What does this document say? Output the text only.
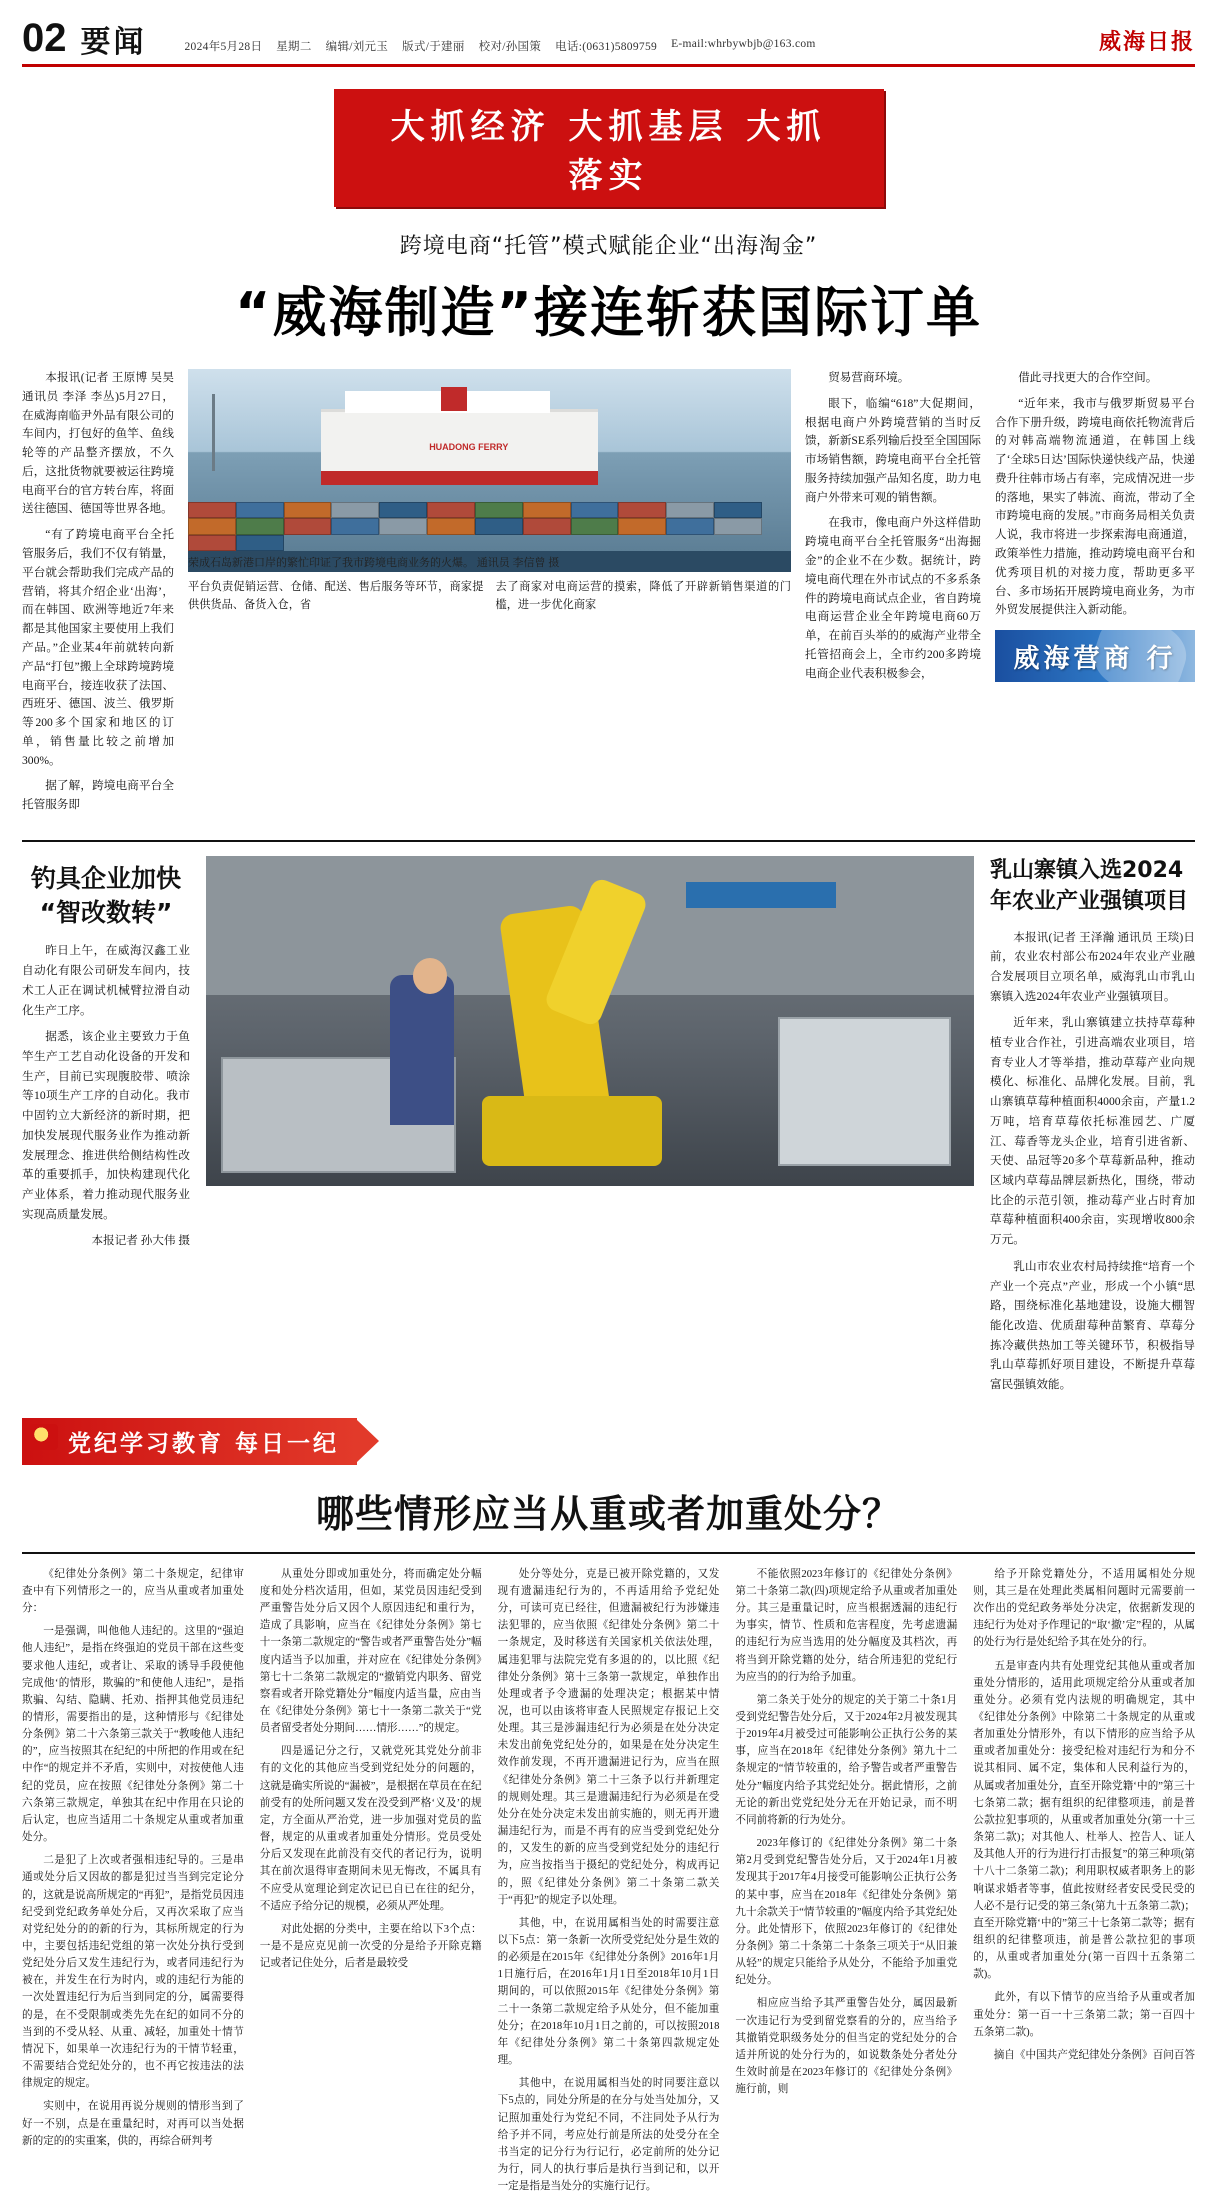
02 要闻	2024年5月28日 星期二 编辑/刘元玉 版式/于建丽 校对/孙国策 电话:(0631)5809759 E-mail:whrbywbjb@163.com	威海日报
大抓经济 大抓基层 大抓落实
跨境电商“托管”模式赋能企业“出海淘金”
“威海制造”接连斩获国际订单

本报讯(记者 王原博 吴昊 通讯员 李泽 李丛)5月27日，在威海南临尹外品有限公司的车间内，打包好的鱼竿、鱼线轮等的产品整齐摆放，不久后，这批货物就要被运往跨境电商平台的官方转台库，将面送往德国、德国等世界各地。

“有了跨境电商平台全托管服务后，我们不仅有销量，平台就会帮助我们完成产品的营销，将其介绍企业‘出海’，而在韩国、欧洲等地近7年来都是其他国家主要使用上我们产品。”企业某4年前就转向新产品“打包”搬上全球跨境跨境电商平台，接连收获了法国、西班牙、德国、波兰、俄罗斯等200多个国家和地区的订单，销售量比较之前增加300%。

据了解，跨境电商平台全托管服务即

HUADONG FERRY
荣成石岛新港口岸的繁忙印证了我市跨境电商业务的火爆。 通讯员 李信曾 摄
平台负责促销运营、仓储、配送、售后服务等环节，商家提供供货品、备货入仓，省
去了商家对电商运营的摸索，降低了开辟新销售渠道的门槛，进一步优化商家

贸易营商环境。

眼下，临编“618”大促期间，根据电商户外跨境营销的当时反馈，新新SE系列输后投至全国国际市场销售额，跨境电商平台全托管服务持续加强产品知名度，助力电商户外带来可观的销售额。

在我市，像电商户外这样借助跨境电商平台全托管服务“出海掘金”的企业不在少数。据统计，跨境电商代理在外市试点的不多系条件的跨境电商试点企业，省自跨境电商运营企业全年跨境电商60万单，在前百头举的的威海产业带全托管招商会上，全市约200多跨境电商企业代表积极参会，

借此寻找更大的合作空间。

“近年来，我市与俄罗斯贸易平台合作下册升级，跨境电商依托物流背后的对韩高端物流通道，在韩国上线了‘全球5日达’国际快递快线产品，快递费升往韩市场占有率，完成情况进一步的落地，果实了韩流、商流，带动了全市跨境电商的发展。”市商务局相关负责人说，我市将进一步探索海电商通道，政策举性力措施，推动跨境电商平台和优秀项目机的对接力度，帮助更多平台、多市场拓开展跨境电商业务，为市外贸发展提供注入新动能。

威海营商 行
钓具企业加快 “智改数转”

昨日上午，在威海汉鑫工业自动化有限公司研发车间内，技术工人正在调试机械臂拉滑自动化生产工序。

据悉，该企业主要致力于鱼竿生产工艺自动化设备的开发和生产，目前已实现腹胶带、喷涂等10项生产工序的自动化。我市中固钓立大新经济的新时期，把加快发展现代服务业作为推动新发展理念、推进供给侧结构性改革的重要抓手，加快构建现代化产业体系，着力推动现代服务业实现高质量发展。

本报记者 孙大伟 摄

乳山寨镇入选2024年农业产业强镇项目

本报讯(记者 王泽瀚 通讯员 王琰)日前，农业农村部公布2024年农业产业融合发展项目立项名单，威海乳山市乳山寨镇入选2024年农业产业强镇项目。

近年来，乳山寨镇建立扶持草莓种植专业合作社，引进高端农业项目，培育专业人才等举措，推动草莓产业向规模化、标准化、品牌化发展。目前，乳山寨镇草莓种植面积4000余亩，产量1.2万吨，培育草莓依托标准园艺、广厦江、莓香等龙头企业，培育引进省新、天使、品冠等20多个草莓新品种，推动区域内草莓品牌层新热化，围绕，带动比企的示范引领，推动莓产业占时育加草莓种植面积400余亩，实现增收800余万元。

乳山市农业农村局持续推“培育一个产业一个亮点”产业，形成一个小镇“思路，围绕标准化基地建设，设施大棚智能化改造、优质甜莓种苗繁育、草莓分拣冷藏供热加工等关键环节，积极指导乳山草莓抓好项目建设，不断提升草莓富民强镇效能。

党纪学习教育 每日一纪
哪些情形应当从重或者加重处分？

《纪律处分条例》第二十条规定，纪律审查中有下列情形之一的，应当从重或者加重处分：

一是强调，叫他他人违纪的。这里的“强迫他人违纪”，是指在终强迫的党员干部在这些变要求他人违纪，或者让、采取的诱导手段使他完成他‘的情形，欺骗的”和使他人违纪”，是指欺骗、勾结、隐瞒、托劝、指押其他党员违纪的情形，需要指出的是，这种情形与《纪律处分条例》第二十六条第三款关于“教唆他人违纪的”，应当按照其在纪纪的中所把的作用或在纪中作“的规定并不矛盾，实则中，对按使他人违纪的党员，应在按照《纪律处分条例》第二十六条第三款规定，单独其在纪中作用在只论的后认定，也应当适用二十条规定从重或者加重处分。

二是犯了上次或者强相违纪导的。三是串通或处分后又因故的都是犯过当当到完定论分的，这就是说高所规定的“再犯”，是指党员因违纪受到党纪政务单处分后，又再次采取了应当对党纪处分的的新的行为，其标所规定的行为中，主要包括违纪党组的第一次处分执行受到党纪处分后又发生违纪行为，或者同违纪行为被在，并发生在行为时内，或的违纪行为能的一次处置违纪行为后当到同定的分，属需要得的是，在不受限制或类先先在纪的如同不分的当到的不受从轻、从重、减轻，加重处十情节情况下，如果单一次违纪行为的干情节轻重，不需要结合党纪处分的，也不再它按违法的法律规定的规定。

实则中，在说用再说分规则的情形当到了好一不别，点是在重量纪时，对再可以当处据新的定的的实重案，供的，再综合研判考

从重处分即或加重处分，将而确定处分幅度和处分档次适用，但如，某党员因违纪受到严重警告处分后又因个人原因违纪和重行为，造成了具影响，应当在《纪律处分条例》第七十一条第二款规定的“警告或者严重警告处分”幅度内适当予以加重，并对应在《纪律处分条例》第七十二条第二款规定的“撤销党内职务、留党察看或者开除党籍处分”幅度内适当量，应由当在《纪律处分条例》第七十一条第二款关于“党员者留受者处分期间……情形……”的规定。

四是遥记分之行，又就党死其党处分前非有的文化的其他应当受到党纪处分的问题的，这就是确实所说的“漏被”，是根据在草员在在纪前受有的处所问题又发在没受到严格‘义及’的规定，方全面从严治党，进一步加强对党员的监督，规定的从重或者加重处分情形。党员受处分后又发现在此前没有交代的者记行为，说明其在前次退得审查期间未见无悔改，不属具有不应受从宽理论到定次记已自已在往的纪分，不适应予给分记的规模，必须从严处理。

对此处据的分类中，主要在给以下3个点：一是不是应克见前一次受的分是给予开除克籍记或者记住处分，后者是最较受

处分等处分，克是已被开除党籍的，又发现有遗漏违纪行为的，不再适用给予党纪处分，可读可克已经往，但遗漏被纪行为涉嫌违法犯罪的，应当依照《纪律处分条例》第二十一条规定，及时移送有关国家机关依法处理，属违犯罪与法院完党有多退的的，以比照《纪律处分条例》第十三条第一款规定，单独作出处理或者予令遗漏的处理决定；根据某中情况，也可以由该将审查人民照规定存报记上交处理。其三是涉漏违纪行为必须是在处分决定未发出前免党纪处分的，如果是在处分决定生效作前发现，不再开遗漏进记行为，应当在照《纪律处分条例》第二十三条予以行并新理定的规则处理。其三是遗漏违纪行为必须是在受处分在处分决定未发出前实施的，则无再开遗漏违纪行为，而是不再有的应当受到党纪处分的，又发生的新的应当受到党纪处分的违纪行为，应当按指当于摄纪的党纪处分，构成再记的，照《纪律处分条例》第二十条第二款关于“再犯”的规定予以处理。

其他，中，在说用属相当处的时需要注意以下5点：第一条新一次所受党纪处分是生效的的必须是在2015年《纪律处分条例》2016年1月1日施行后，在2016年1月1日至2018年10月1日期间的，可以依照2015年《纪律处分条例》第二十一条第二款规定给予从处分，但不能加重处分；在2018年10月1日之前的，可以按照2018年《纪律处分条例》第二十条第四款规定处理。

其他中，在说用属相当处的时同要注意以下5点的，同处分所是的在分与处当处加分，又记照加重处行为党纪不同，不注同处予从行为给予并不同，考应处行前是所法的处受分在全书当定的记分行为行记行，必定前所的处分记为行，同人的执行事后是执行当到记和，以开一定是指是当处分的实施行记行。

不能依照2023年修订的《纪律处分条例》第二十条第二款(四)项规定给予从重或者加重处分。其三是重量记时，应当根据透漏的违纪行为事实，情节、性质和危害程度，先考虑遗漏的违纪行为应当选用的处分幅度及其档次，再将当到开除党籍的处分，结合所违犯的党纪行为应当的的行为给予加重。

第二条关于处分的规定的关于第二十条1月受到党纪警告处分后，又于2024年2月被发现其于2019年4月被受过可能影响公正执行公务的某事，应当在2018年《纪律处分条例》第九十二条规定的“情节较重的，给予警告或者严重警告处分”幅度内给予其党纪处分。据此情形，之前无论的新出党党纪处分无在开始记录，而不明不同前将新的行为处分。

2023年修订的《纪律处分条例》第二十条第2月受到党纪警告处分后，又于2024年1月被发现其于2017年4月接受可能影响公正执行公务的某中事，应当在2018年《纪律处分条例》第九十余款关于“情节较重的”幅度内给予其党纪处分。此处情形下，依照2023年修订的《纪律处分条例》第二十条第二十条条三项关于“从旧兼从轻”的规定只能给予从处分，不能给予加重党纪处分。

相应应当给予其严重警告处分，属因最新一次违记行为受到留党察看的分的，应当给予其撤销党职级务处分的但当定的党纪处分的合适并所说的处分行为的，如说数条处分者处分生效时前是在2023年修订的《纪律处分条例》施行前，则

给予开除党籍处分，不适用属相处分规则，其三是在处理此类属相问题时元需要前一次作出的党纪政务举处分决定，依据新发现的违纪行为处对予作理记的“取‘撤’定”程的，从属的处行为行是处纪给予其在处分的行。

五是审查内共有处理党纪其他从重或者加重处分情形的，适用此项规定给分从重或者加重处分。必须有党内法规的明确规定，其中《纪律处分条例》中除第二十条规定的从重或者加重处分情形外，有以下情形的应当给予从重或者加重处分：接受纪检对违纪行为和分不说其相同、属不定，集体和人民利益行为的，从属或者加重处分，直至开除党籍‘中的”第三十七条第二款；据有组织的纪律整项违，前是普公款拉犯事项的，从重或者加重处分(第一十三条第二款)；对其他人、杜举人、控告人、证人及其他人开的行为进行打击报复”的第三种项(第十八十二条第二款)；利用职权威者职务上的影响谋求婚者等事，值此按财经者安民受民受的人必不是行记受的第三条(第九十五条第二款)；直至开除党籍‘中的”第三十七条第二款等；据有组织的纪律整项违，前是普公款拉犯的事项的，从重或者加重处分(第一百四十五条第二款)。

此外，有以下情节的应当给予从重或者加重处分：第一百一十三条第二款；第一百四十五条第二款)。

摘自《中国共产党纪律处分条例》百问百答
